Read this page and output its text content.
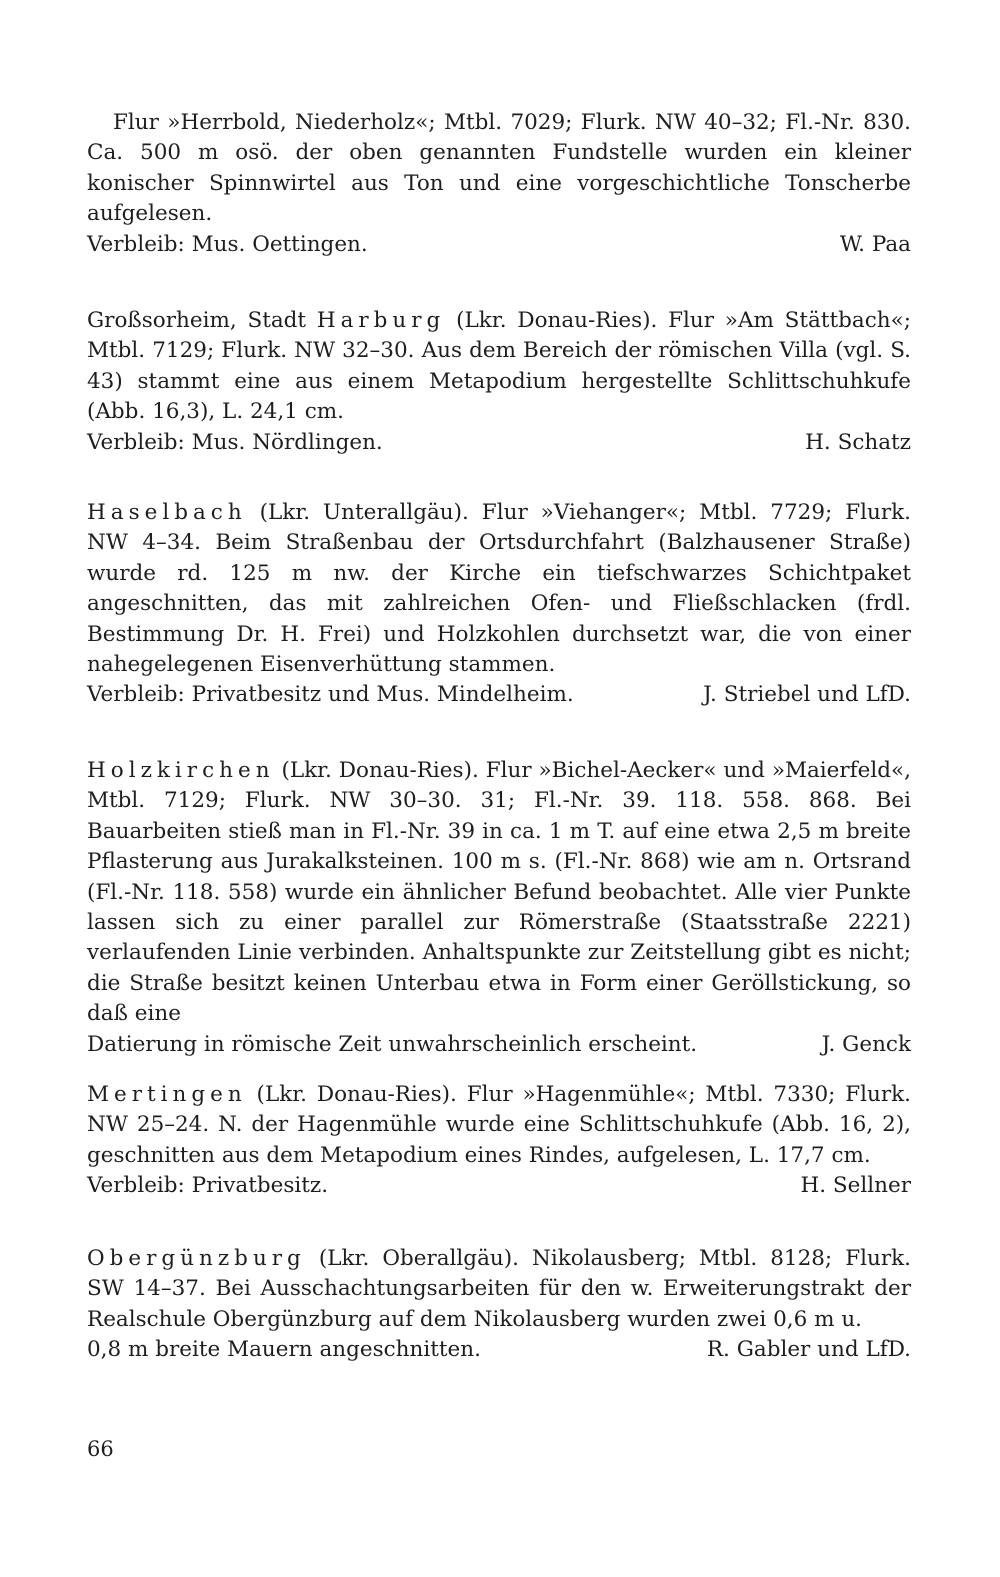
Flur »Herrbold, Niederholz«; Mtbl. 7029; Flurk. NW 40–32; Fl.-Nr. 830. Ca. 500 m osö. der oben genannten Fundstelle wurden ein kleiner konischer Spinnwirtel aus Ton und eine vorgeschichtliche Tonscherbe aufgelesen.
Verbleib: Mus. Oettingen.	W. Paa
Großsorheim, Stadt Harburg (Lkr. Donau-Ries). Flur »Am Stättbach«; Mtbl. 7129; Flurk. NW 32–30. Aus dem Bereich der römischen Villa (vgl. S. 43) stammt eine aus einem Metapodium hergestellte Schlittschuhkufe (Abb. 16,3), L. 24,1 cm.
Verbleib: Mus. Nördlingen.	H. Schatz
Haselbach (Lkr. Unterallgäu). Flur »Viehanger«; Mtbl. 7729; Flurk. NW 4–34. Beim Straßenbau der Ortsdurchfahrt (Balzhausener Straße) wurde rd. 125 m nw. der Kirche ein tiefschwarzes Schichtpaket angeschnitten, das mit zahlreichen Ofen- und Fließschlacken (frdl. Bestimmung Dr. H. Frei) und Holzkohlen durchsetzt war, die von einer nahegelegenen Eisenverhüttung stammen.
Verbleib: Privatbesitz und Mus. Mindelheim.	J. Striebel und LfD.
Holzkirchen (Lkr. Donau-Ries). Flur »Bichel-Aecker« und »Maierfeld«, Mtbl. 7129; Flurk. NW 30–30. 31; Fl.-Nr. 39. 118. 558. 868. Bei Bauarbeiten stieß man in Fl.-Nr. 39 in ca. 1 m T. auf eine etwa 2,5 m breite Pflasterung aus Jurakalksteinen. 100 m s. (Fl.-Nr. 868) wie am n. Ortsrand (Fl.-Nr. 118. 558) wurde ein ähnlicher Befund beobachtet. Alle vier Punkte lassen sich zu einer parallel zur Römerstraße (Staatsstraße 2221) verlaufenden Linie verbinden. Anhaltspunkte zur Zeitstellung gibt es nicht; die Straße besitzt keinen Unterbau etwa in Form einer Geröllstickung, so daß eine
Datierung in römische Zeit unwahrscheinlich erscheint.	J. Genck
Mertingen (Lkr. Donau-Ries). Flur »Hagenmühle«; Mtbl. 7330; Flurk. NW 25–24. N. der Hagenmühle wurde eine Schlittschuhkufe (Abb. 16, 2), geschnitten aus dem Metapodium eines Rindes, aufgelesen, L. 17,7 cm.
Verbleib: Privatbesitz.	H. Sellner
Obergünzburg (Lkr. Oberallgäu). Nikolausberg; Mtbl. 8128; Flurk. SW 14–37. Bei Ausschachtungsarbeiten für den w. Erweiterungstrakt der Realschule Obergünzburg auf dem Nikolausberg wurden zwei 0,6 m u.
0,8 m breite Mauern angeschnitten.	R. Gabler und LfD.
66
